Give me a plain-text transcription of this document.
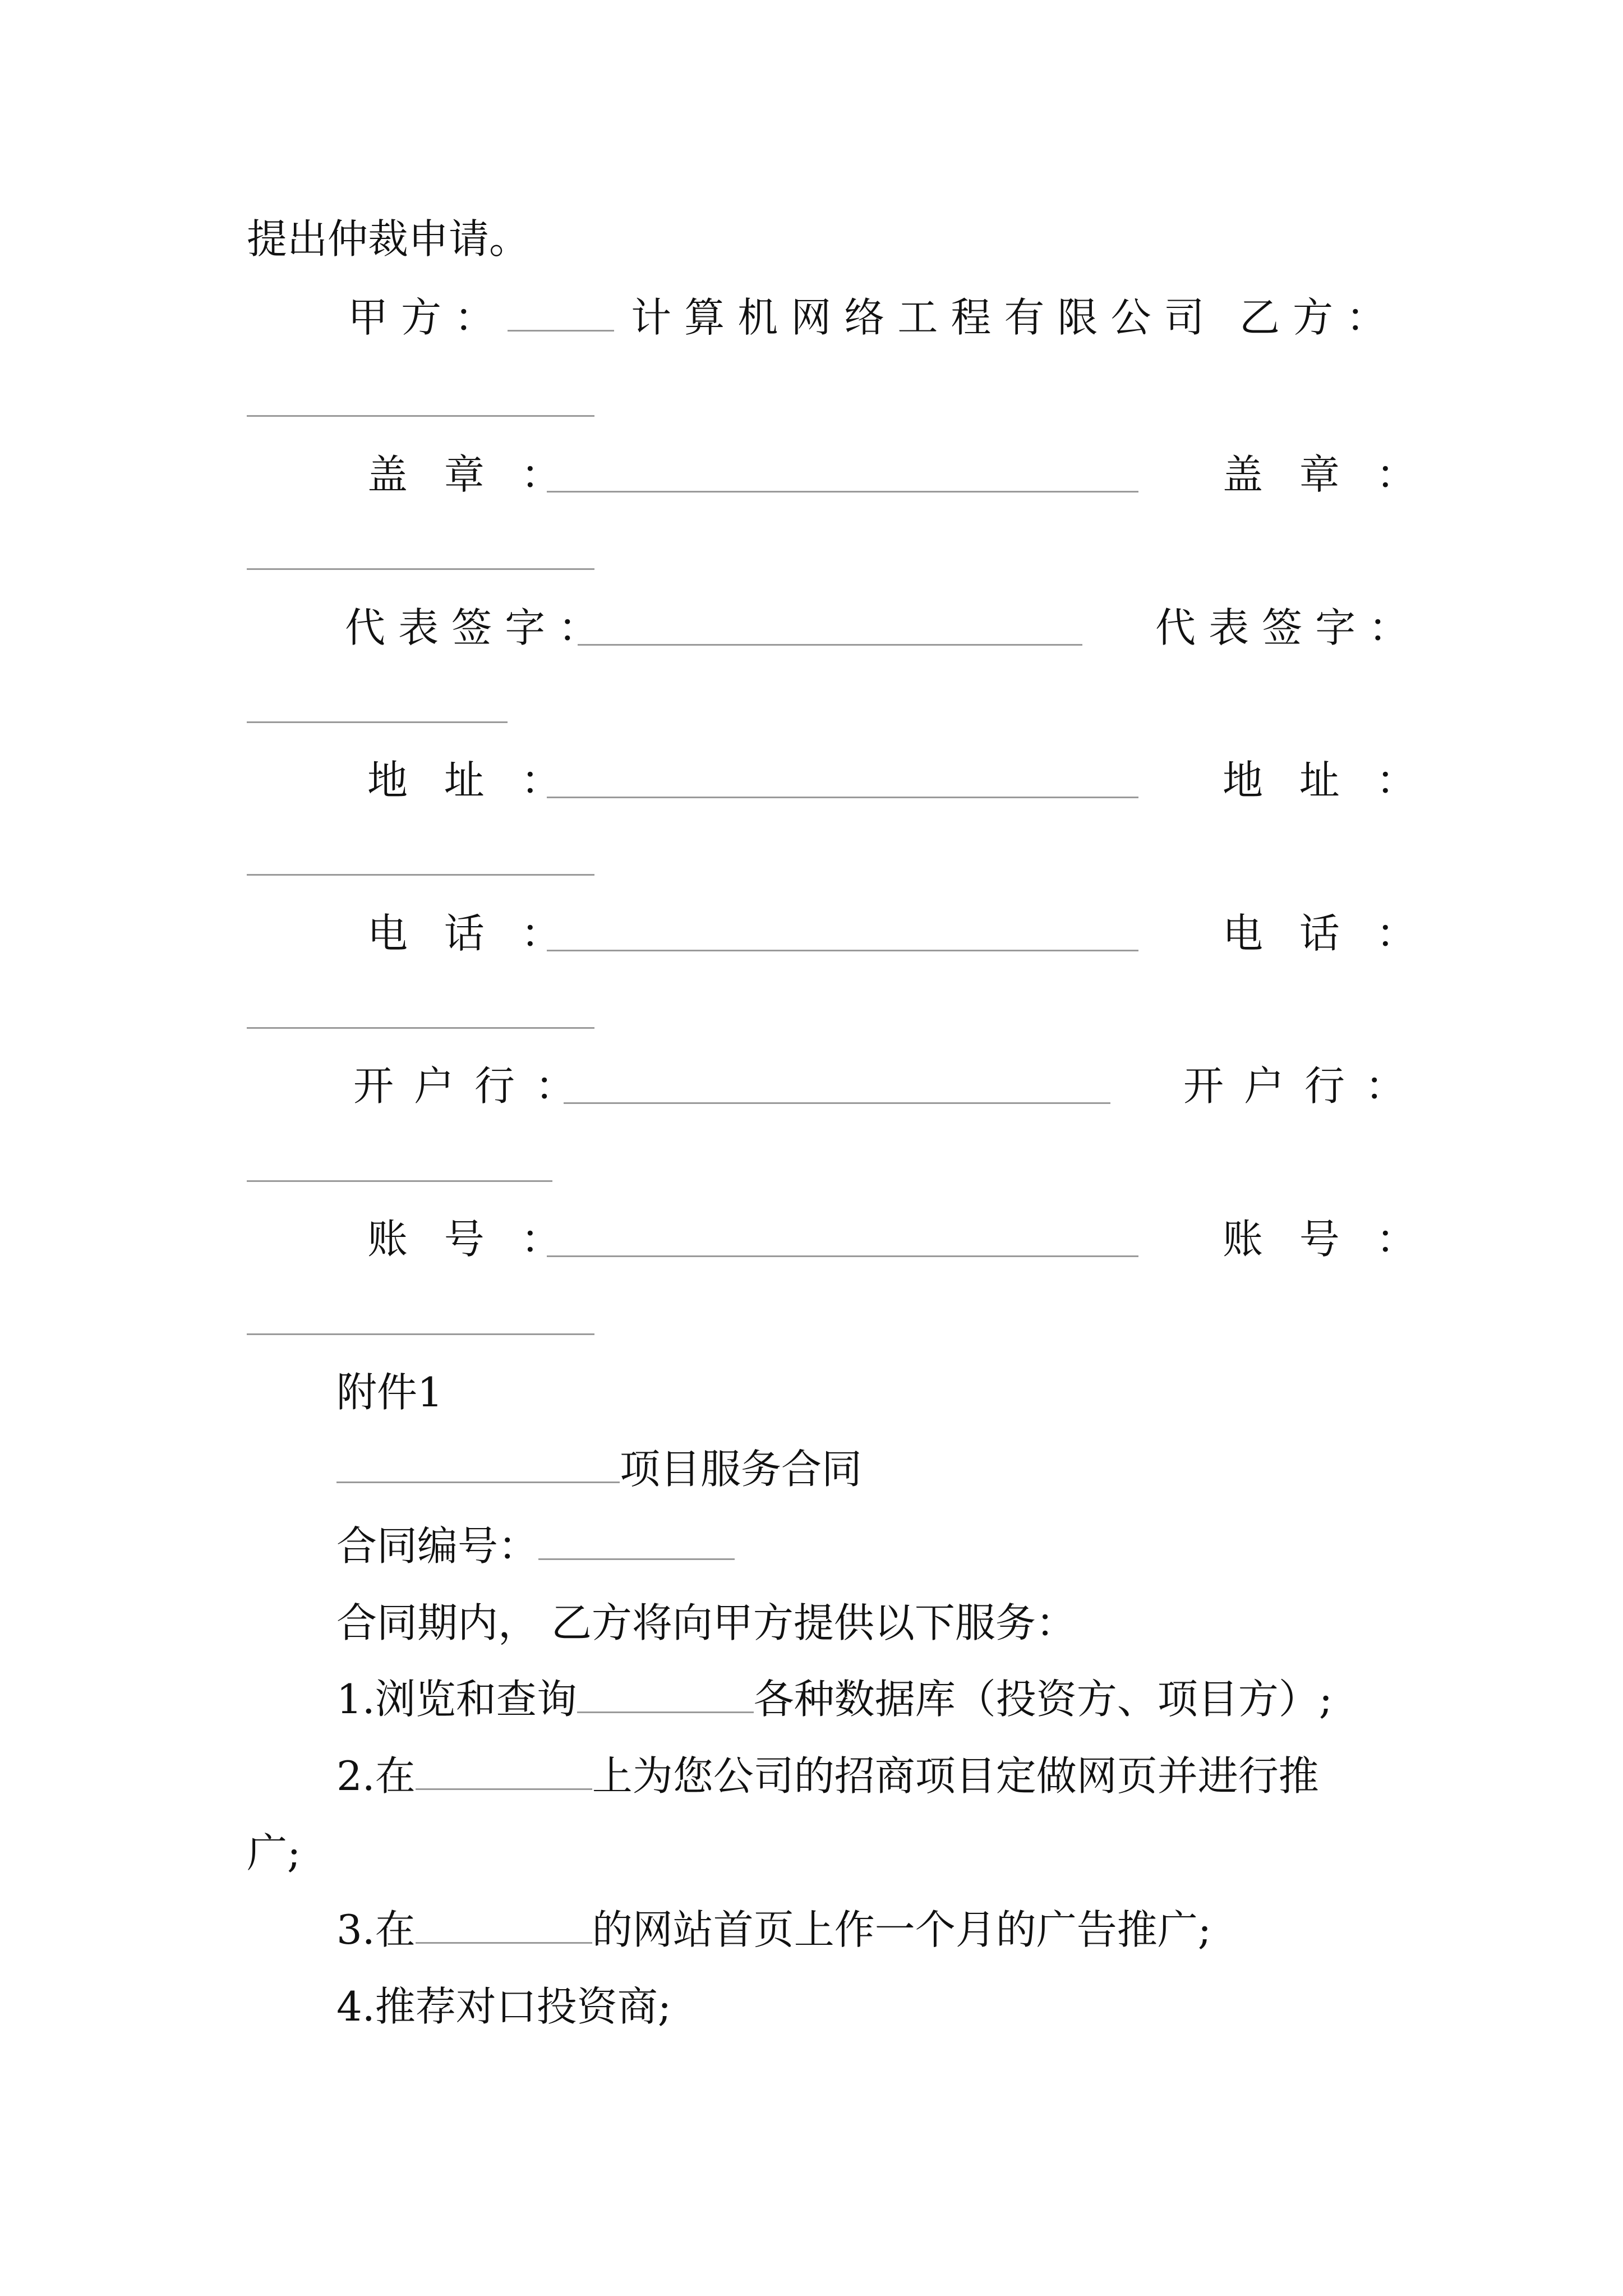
提出仲裁申请。
甲方：	计算机网络工程有限公司 乙方：
盖章：	盖章：
代表签字：	代表签字：
地址：	地址：
电话：	电话：
开户行：	开户行：
账号：	账号：
附件1
项目服务合同
合同编号：
合同期内， 乙方将向甲方提供以下服务：
1.浏览和查询	各种数据库（投资方、项目方）;
2.在	上为您公司的招商项目定做网页并进行推
广;
3.在	的网站首页上作一个月的广告推广;
4.推荐对口投资商;
